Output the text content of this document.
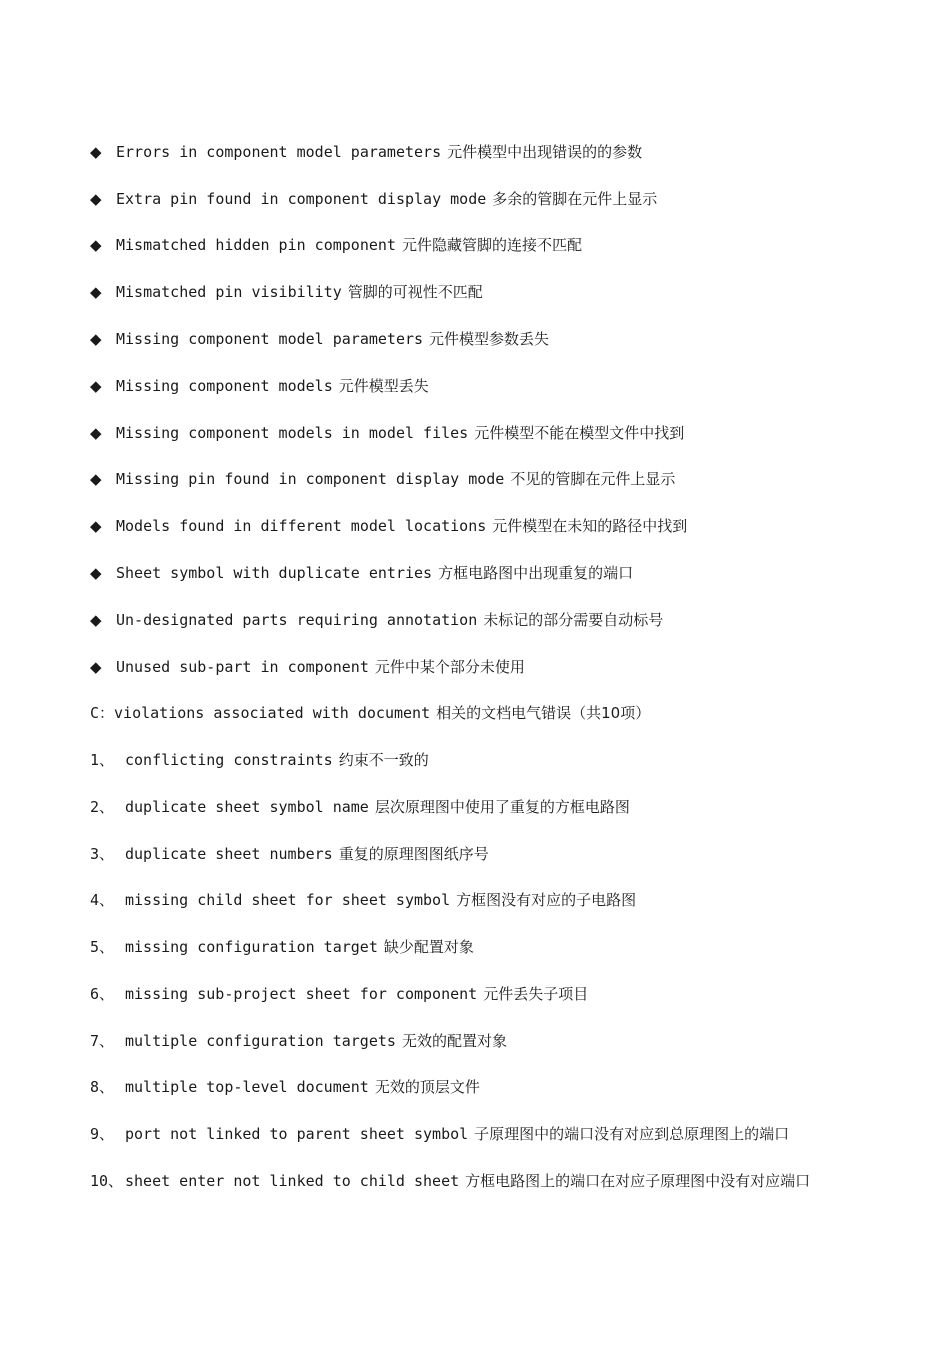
◆ Errors in component model parameters 元件模型中出现错误的的参数
◆ Extra pin found in component display mode 多余的管脚在元件上显示
◆ Mismatched hidden pin component 元件隐藏管脚的连接不匹配
◆ Mismatched pin visibility 管脚的可视性不匹配
◆ Missing component model parameters 元件模型参数丢失
◆ Missing component models 元件模型丢失
◆ Missing component models in model files 元件模型不能在模型文件中找到
◆ Missing pin found in component display mode 不见的管脚在元件上显示
◆ Models found in different model locations 元件模型在未知的路径中找到
◆ Sheet symbol with duplicate entries 方框电路图中出现重复的端口
◆ Un-designated parts requiring annotation 未标记的部分需要自动标号
◆ Unused sub-part in component 元件中某个部分未使用
C：violations associated with document 相关的文档电气错误（共10项）
1、 conflicting constraints 约束不一致的
2、 duplicate sheet symbol name 层次原理图中使用了重复的方框电路图
3、 duplicate sheet numbers 重复的原理图图纸序号
4、 missing child sheet for sheet symbol 方框图没有对应的子电路图
5、 missing configuration target 缺少配置对象
6、 missing sub-project sheet for component 元件丢失子项目
7、 multiple configuration targets 无效的配置对象
8、 multiple top-level document 无效的顶层文件
9、 port not linked to parent sheet symbol 子原理图中的端口没有对应到总原理图上的端口
10、 sheet enter not linked to child sheet 方框电路图上的端口在对应子原理图中没有对应端口
